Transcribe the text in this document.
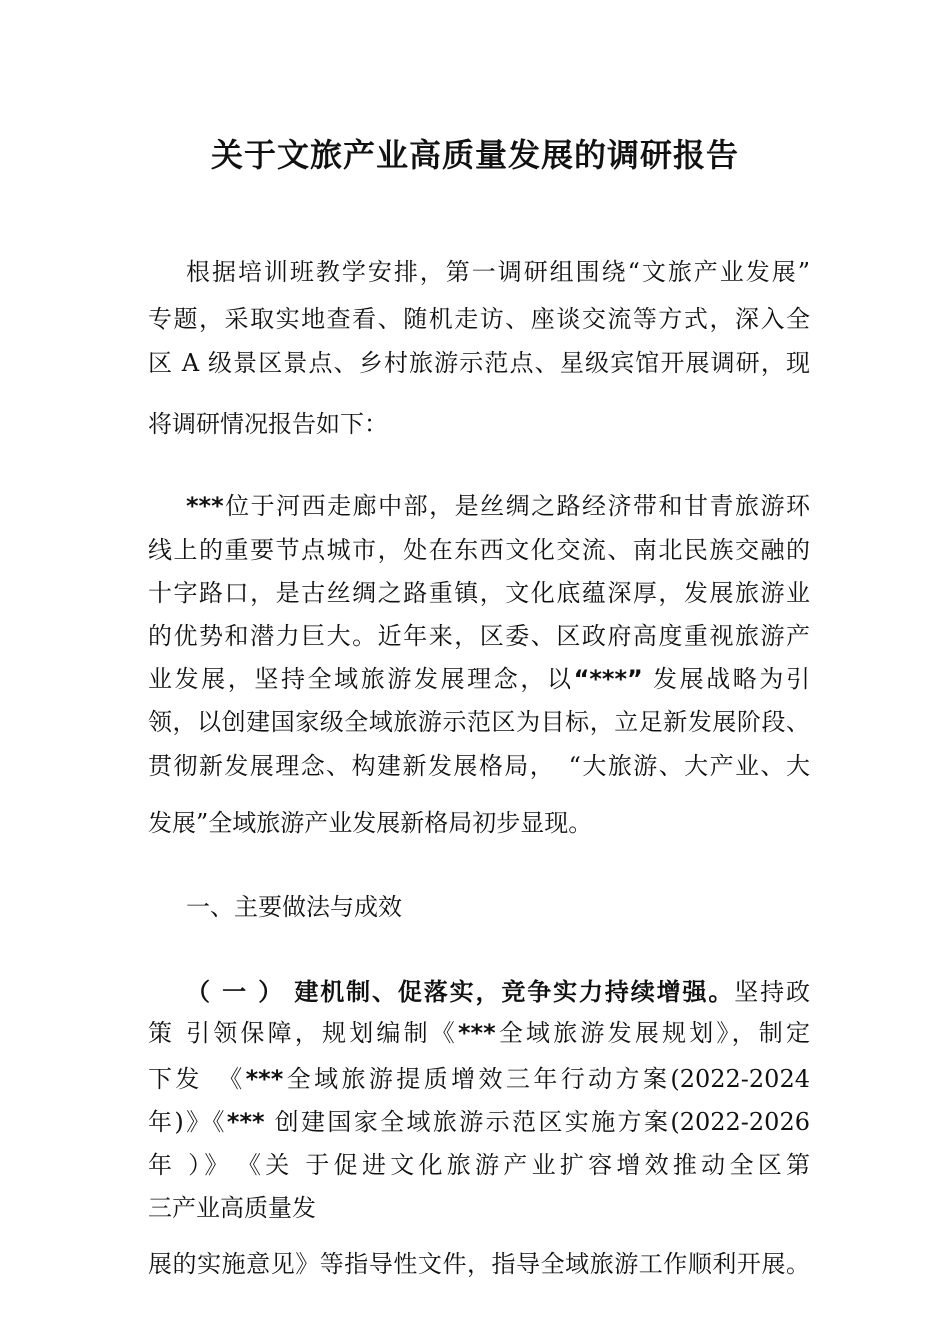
关于文旅产业高质量发展的调研报告

根据培训班教学安排，第一调研组围绕“文旅产业发展”

专题，采取实地查看、随机走访、座谈交流等方式，深入全

区 A 级景区景点、乡村旅游示范点、星级宾馆开展调研，现

将调研情况报告如下：

***位于河西走廊中部，是丝绸之路经济带和甘青旅游环

线上的重要节点城市，处在东西文化交流、南北民族交融的

十字路口，是古丝绸之路重镇，文化底蕴深厚，发展旅游业

的优势和潜力巨大。近年来，区委、区政府高度重视旅游产

业发展，坚持全域旅游发展理念，以“***” 发展战略为引

领，以创建国家级全域旅游示范区为目标，立足新发展阶段、

贯彻新发展理念、构建新发展格局，　“大旅游、大产业、大

发展”全域旅游产业发展新格局初步显现。

一、主要做法与成效

（ 一 ） 建机制、促落实，竞争实力持续增强。坚持政

策 引领保障，规划编制《***全域旅游发展规划》，制定

下发　《***全域旅游提质增效三年行动方案(2022-2024

年)》《*** 创建国家全域旅游示范区实施方案(2022-2026

年 ）》　《关 于促进文化旅游产业扩容增效推动全区第

三产业高质量发

展的实施意见》等指导性文件，指导全域旅游工作顺利开展。
